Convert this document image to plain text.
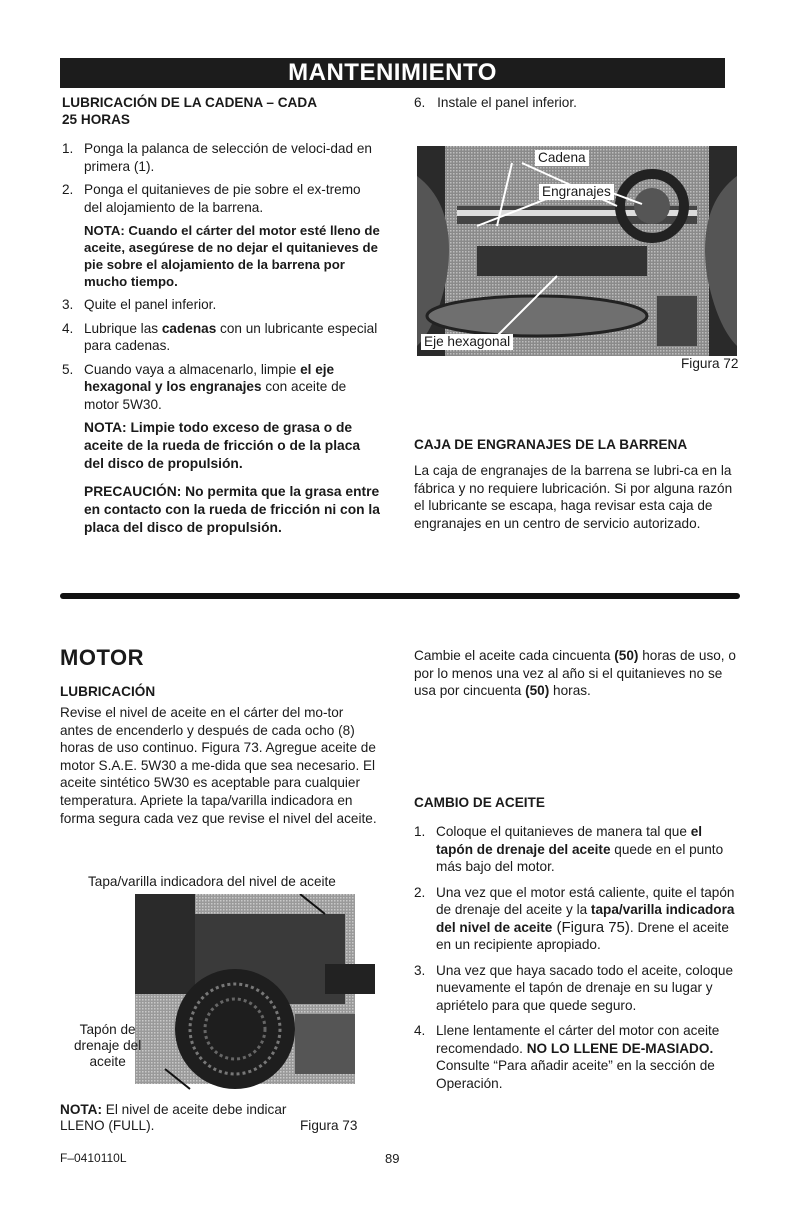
MANTENIMIENTO
LUBRICACIÓN DE LA CADENA – CADA
25 HORAS
1. Ponga la palanca de selección de veloci-dad en primera (1).
2. Ponga el quitanieves de pie sobre el ex-tremo del alojamiento de la barrena.
NOTA: Cuando el cárter del motor esté lleno de aceite, asegúrese de no dejar el quitanieves de pie sobre el alojamiento de la barrena por mucho tiempo.
3. Quite el panel inferior.
4. Lubrique las cadenas con un lubricante especial para cadenas.
5. Cuando vaya a almacenarlo, limpie el eje hexagonal y los engranajes con aceite de motor 5W30.
NOTA: Limpie todo exceso de grasa o de aceite de la rueda de fricción o de la placa del disco de propulsión.
PRECAUCIÓN: No permita que la grasa entre en contacto con la rueda de fricción ni con la placa del disco de propulsión.
6. Instale el panel inferior.
Cadena
Engranajes
Eje hexagonal
Figura 72
CAJA DE ENGRANAJES DE LA BARRENA
La caja de engranajes de la barrena se lubri-ca en la fábrica y no requiere lubricación. Si por alguna razón el lubricante se escapa, haga revisar esta caja de engranajes en un centro de servicio autorizado.
MOTOR
LUBRICACIÓN
Revise el nivel de aceite en el cárter del mo-tor antes de encenderlo y después de cada ocho (8) horas de uso continuo. Figura 73. Agregue aceite de motor S.A.E. 5W30 a me-dida que sea necesario. El aceite sintético 5W30 es aceptable para cualquier temperatura. Apriete la tapa/varilla indicadora en forma segura cada vez que revise el nivel del aceite.
Tapa/varilla indicadora del nivel de aceite
Tapón de
drenaje del
aceite
NOTA: El nivel de aceite debe indicar
LLENO (FULL).	Figura 73
Cambie el aceite cada cincuenta (50) horas de uso, o por lo menos una vez al año si el quitanieves no se usa por cincuenta (50) horas.
CAMBIO DE ACEITE
1. Coloque el quitanieves de manera tal que el tapón de drenaje del aceite quede en el punto más bajo del motor.
2. Una vez que el motor está caliente, quite el tapón de drenaje del aceite y la tapa/varilla indicadora del nivel de aceite (Figura 75). Drene el aceite en un recipiente apropiado.
3. Una vez que haya sacado todo el aceite, coloque nuevamente el tapón de drenaje en su lugar y apriételo para que quede seguro.
4. Llene lentamente el cárter del motor con aceite recomendado. NO LO LLENE DE-MASIADO. Consulte “Para añadir aceite” en la sección de Operación.
F–0410110L	89
